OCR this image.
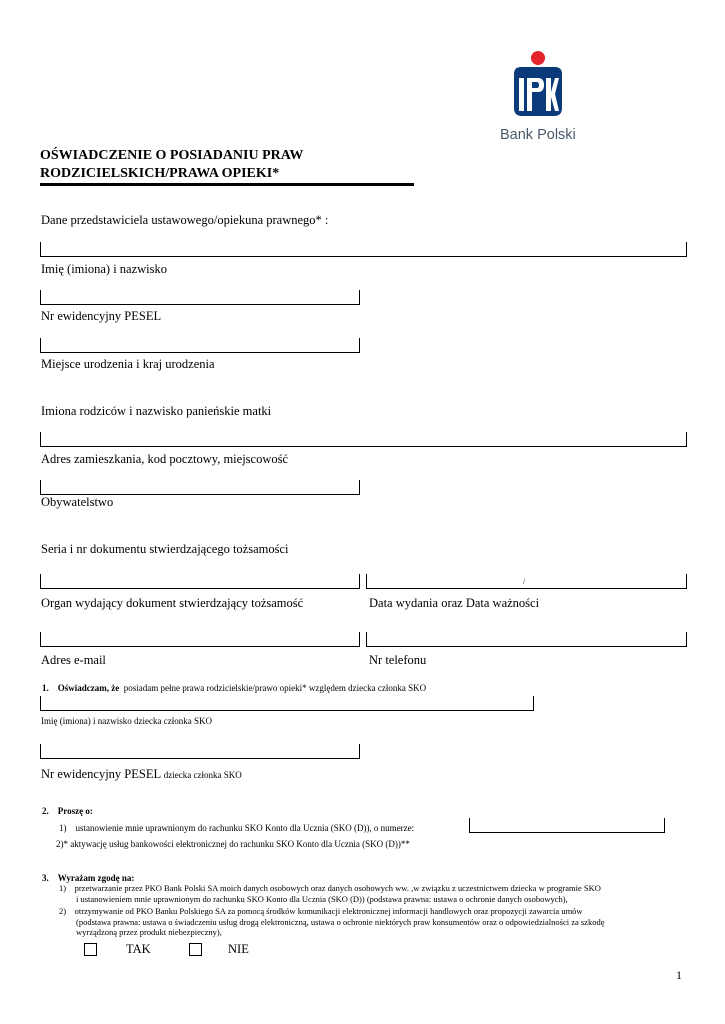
Bank Polski
OŚWIADCZENIE O POSIADANIU PRAW
RODZICIELSKICH/PRAWA OPIEKI*
Dane przedstawiciela ustawowego/opiekuna prawnego* :
Imię (imiona) i nazwisko
Nr ewidencyjny PESEL
Miejsce urodzenia i kraj urodzenia
Imiona rodziców i nazwisko panieńskie matki
Adres zamieszkania, kod pocztowy, miejscowość
Obywatelstwo
Seria i nr dokumentu stwierdzającego tożsamości
/
Organ wydający dokument stwierdzający tożsamość	Data wydania oraz Data ważności
Adres e-mail	Nr telefonu
1. Oświadczam, że posiadam pełne prawa rodzicielskie/prawo opieki* względem dziecka członka SKO
Imię (imiona) i nazwisko dziecka członka SKO
Nr ewidencyjny PESEL dziecka członka SKO
2. Proszę o:
1) ustanowienie mnie uprawnionym do rachunku SKO Konto dla Ucznia (SKO (D)), o numerze:
2)* aktywację usług bankowości elektronicznej do rachunku SKO Konto dla Ucznia (SKO (D))**
3. Wyrażam zgodę na:
1) przetwarzanie przez PKO Bank Polski SA moich danych osobowych oraz danych osobowych ww. ,w związku z uczestnictwem dziecka w programie SKO
i ustanowieniem mnie uprawnionym do rachunku SKO Konto dla Ucznia (SKO (D)) (podstawa prawna: ustawa o ochronie danych osobowych),
2) otrzymywanie od PKO Banku Polskiego SA za pomocą środków komunikacji elektronicznej informacji handlowych oraz propozycji zawarcia umów
(podstawa prawna: ustawa o świadczeniu usług drogą elektroniczną, ustawa o ochronie niektórych praw konsumentów oraz o odpowiedzialności za szkodę
wyrządzoną przez produkt niebezpieczny),
TAK	NIE
1
